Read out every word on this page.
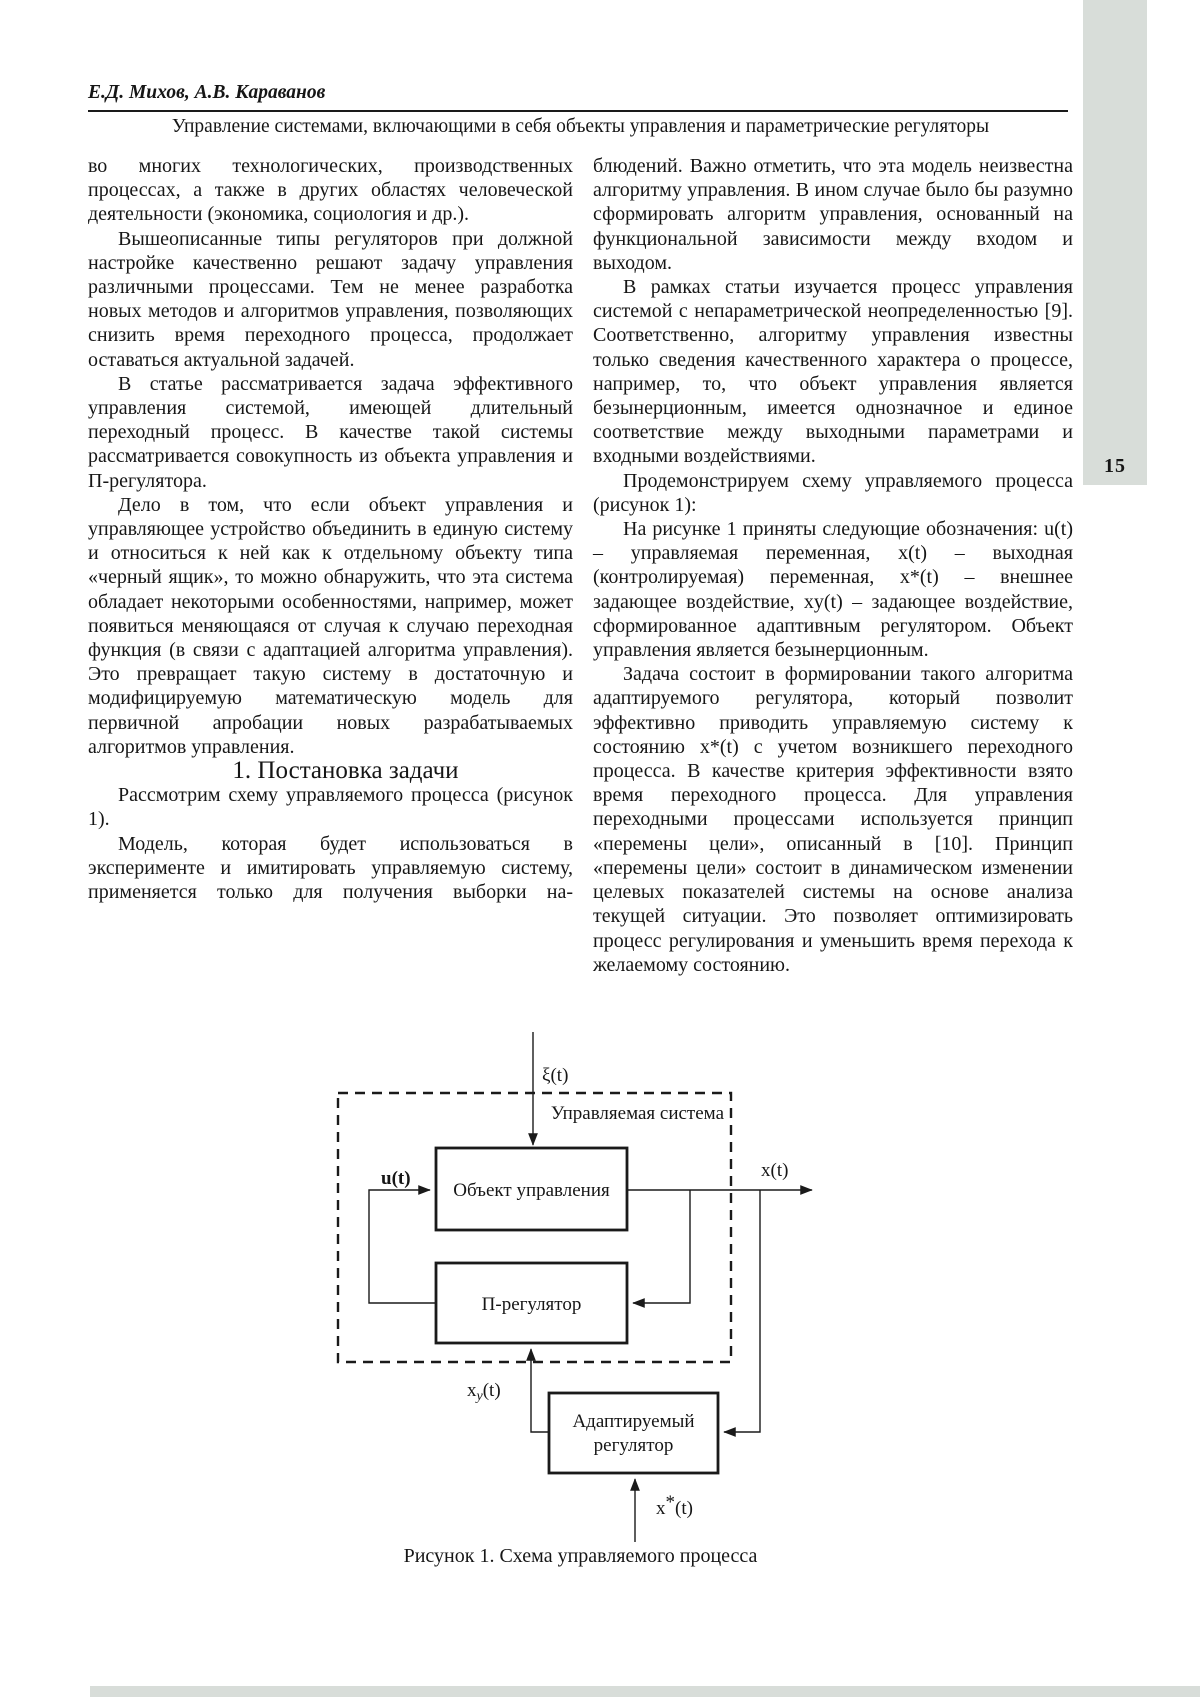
15
Е.Д. Михов, А.В. Караванов
Управление системами, включающими в себя объекты управления и параметрические регуляторы

во многих технологических, производственных процессах, а также в других областях человеческой деятельности (экономика, социология и др.).

Вышеописанные типы регуляторов при должной настройке качественно решают задачу управления различными процессами. Тем не менее разработка новых методов и алгоритмов управления, позволяющих снизить время переходного процесса, продолжает оставаться актуальной задачей.

В статье рассматривается задача эффективного управления системой, имеющей длительный переходный процесс. В качестве такой системы рассматривается совокупность из объекта управления и П-регулятора.

Дело в том, что если объект управления и управляющее устройство объединить в единую систему и относиться к ней как к отдельному объекту типа «черный ящик», то можно обнаружить, что эта система обладает некоторыми особенностями, например, может появиться меняющаяся от случая к случаю переходная функция (в связи с адаптацией алгоритма управления). Это превращает такую систему в достаточную и модифицируемую математическую модель для первичной апробации новых разрабатываемых алгоритмов управления.

1. Постановка задачи

Рассмотрим схему управляемого процесса (рисунок 1).

Модель, которая будет использоваться в эксперименте и имитировать управляемую систему, применяется только для получения выборки на-

блюдений. Важно отметить, что эта модель неизвестна алгоритму управления. В ином случае было бы разумно сформировать алгоритм управления, основанный на функциональной зависимости между входом и выходом.

В рамках статьи изучается процесс управления системой с непараметрической неопределенностью [9]. Соответственно, алгоритму управления известны только сведения качественного характера о процессе, например, то, что объект управления является безынерционным, имеется однозначное и единое соответствие между выходными параметрами и входными воздействиями.

Продемонстрируем схему управляемого процесса (рисунок 1):

На рисунке 1 приняты следующие обозначения: u(t) – управляемая переменная, x(t) – выходная (контролируемая) переменная, x*(t) – внешнее задающее воздействие, xу(t) – задающее воздействие, сформированное адаптивным регулятором. Объект управления является безынерционным.

Задача состоит в формировании такого алгоритма адаптируемого регулятора, который позволит эффективно приводить управляемую систему к состоянию x*(t) с учетом возникшего переходного процесса. В качестве критерия эффективности взято время переходного процесса. Для управления переходными процессами используется принцип «перемены цели», описанный в [10]. Принцип «перемены цели» состоит в динамическом изменении целевых показателей системы на основе анализа текущей ситуации. Это позволяет оптимизировать процесс регулирования и уменьшить время перехода к желаемому состоянию.

ξ(t)
Управляемая система
Объект управления
П-регулятор
Адаптируемый
регулятор
u(t)	x(t)
$x_у(t)$
x*(t)
Рисунок 1. Схема управляемого процесса
